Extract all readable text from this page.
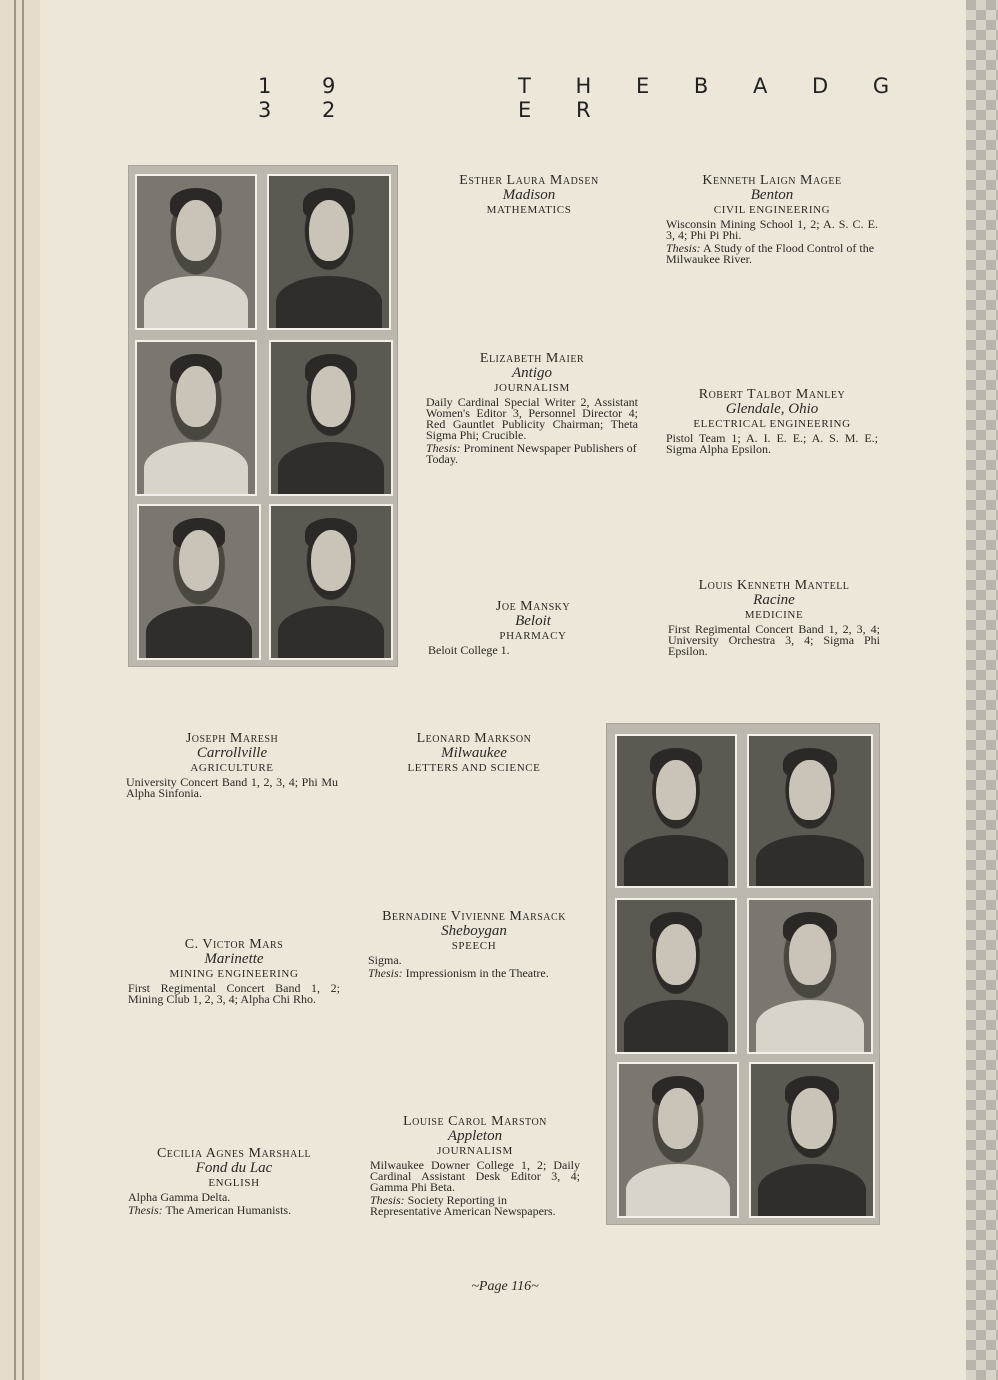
1 9 3 2
T H E B A D G E R
Esther Laura Madsen
Madison
MATHEMATICS
Kenneth Laign Magee
Benton
CIVIL ENGINEERING
Wisconsin Mining School 1, 2; A. S. C. E. 3, 4; Phi Pi Phi.
Thesis: A Study of the Flood Control of the Milwaukee River.
Elizabeth Maier
Antigo
JOURNALISM
Daily Cardinal Special Writer 2, Assistant Women's Editor 3, Personnel Director 4; Red Gauntlet Publicity Chairman; Theta Sigma Phi; Crucible.
Thesis: Prominent Newspaper Publishers of Today.
Robert Talbot Manley
Glendale, Ohio
ELECTRICAL ENGINEERING
Pistol Team 1; A. I. E. E.; A. S. M. E.; Sigma Alpha Epsilon.
Joe Mansky
Beloit
PHARMACY
Beloit College 1.
Louis Kenneth Mantell
Racine
MEDICINE
First Regimental Concert Band 1, 2, 3, 4; University Orchestra 3, 4; Sigma Phi Epsilon.
Joseph Maresh
Carrollville
AGRICULTURE
University Concert Band 1, 2, 3, 4; Phi Mu Alpha Sinfonia.
Leonard Markson
Milwaukee
LETTERS AND SCIENCE
Bernadine Vivienne Marsack
Sheboygan
SPEECH
Sigma.
Thesis: Impressionism in the Theatre.
C. Victor Mars
Marinette
MINING ENGINEERING
First Regimental Concert Band 1, 2; Mining Club 1, 2, 3, 4; Alpha Chi Rho.
Louise Carol Marston
Appleton
JOURNALISM
Milwaukee Downer College 1, 2; Daily Cardinal Assistant Desk Editor 3, 4; Gamma Phi Beta.
Thesis: Society Reporting in Representative American Newspapers.
Cecilia Agnes Marshall
Fond du Lac
ENGLISH
Alpha Gamma Delta.
Thesis: The American Humanists.
~Page 116~
